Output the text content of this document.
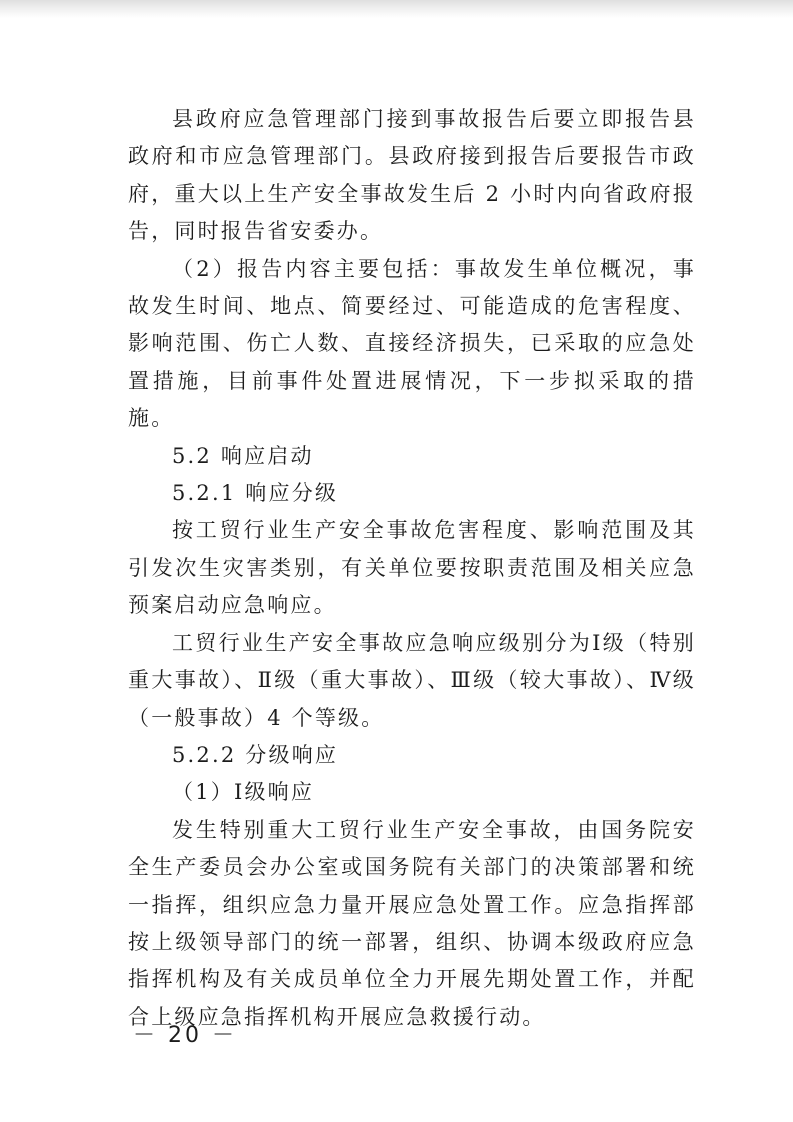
县政府应急管理部门接到事故报告后要立即报告县政府和市应急管理部门。县政府接到报告后要报告市政府，重大以上生产安全事故发生后 2 小时内向省政府报告，同时报告省安委办。

（2）报告内容主要包括：事故发生单位概况，事故发生时间、地点、简要经过、可能造成的危害程度、影响范围、伤亡人数、直接经济损失，已采取的应急处置措施，目前事件处置进展情况，下一步拟采取的措施。

5.2 响应启动

5.2.1 响应分级

按工贸行业生产安全事故危害程度、影响范围及其引发次生灾害类别，有关单位要按职责范围及相关应急预案启动应急响应。

工贸行业生产安全事故应急响应级别分为Ⅰ级（特别重大事故）、Ⅱ级（重大事故）、Ⅲ级（较大事故）、Ⅳ级（一般事故）4 个等级。

5.2.2 分级响应

（1）Ⅰ级响应

发生特别重大工贸行业生产安全事故，由国务院安全生产委员会办公室或国务院有关部门的决策部署和统一指挥，组织应急力量开展应急处置工作。应急指挥部按上级领导部门的统一部署，组织、协调本级政府应急指挥机构及有关成员单位全力开展先期处置工作，并配合上级应急指挥机构开展应急救援行动。

－ 20 －
